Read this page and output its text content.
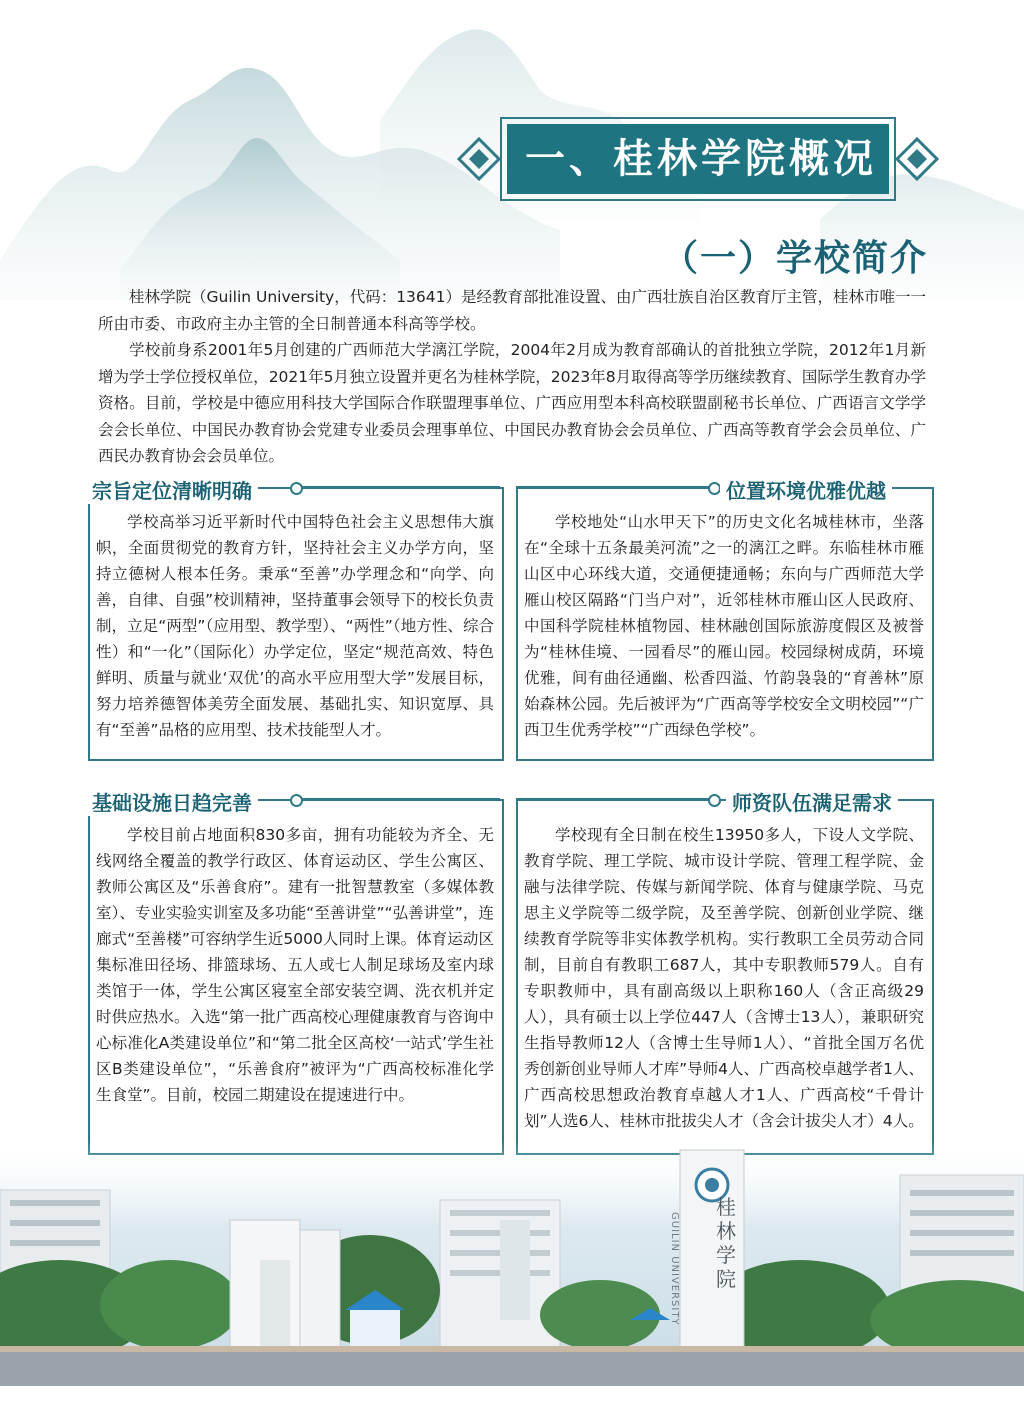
一、桂林学院概况
（一）学校简介

桂林学院（Guilin University，代码：13641）是经教育部批准设置、由广西壮族自治区教育厅主管，桂林市唯一一所由市委、市政府主办主管的全日制普通本科高等学校。

学校前身系2001年5月创建的广西师范大学漓江学院，2004年2月成为教育部确认的首批独立学院，2012年1月新增为学士学位授权单位，2021年5月独立设置并更名为桂林学院，2023年8月取得高等学历继续教育、国际学生教育办学资格。目前，学校是中德应用科技大学国际合作联盟理事单位、广西应用型本科高校联盟副秘书长单位、广西语言文学学会会长单位、中国民办教育协会党建专业委员会理事单位、中国民办教育协会会员单位、广西高等教育学会会员单位、广西民办教育协会会员单位。

宗旨定位清晰明确

学校高举习近平新时代中国特色社会主义思想伟大旗帜，全面贯彻党的教育方针，坚持社会主义办学方向，坚持立德树人根本任务。秉承“至善”办学理念和“向学、向善，自律、自强”校训精神，坚持董事会领导下的校长负责制，立足“两型”（应用型、教学型）、“两性”（地方性、综合性）和“一化”（国际化）办学定位，坚定“规范高效、特色鲜明、质量与就业‘双优’的高水平应用型大学”发展目标，努力培养德智体美劳全面发展、基础扎实、知识宽厚、具有“至善”品格的应用型、技术技能型人才。

位置环境优雅优越

学校地处“山水甲天下”的历史文化名城桂林市，坐落在“全球十五条最美河流”之一的漓江之畔。东临桂林市雁山区中心环线大道，交通便捷通畅；东向与广西师范大学雁山校区隔路“门当户对”，近邻桂林市雁山区人民政府、中国科学院桂林植物园、桂林融创国际旅游度假区及被誉为“桂林佳境、一园看尽”的雁山园。校园绿树成荫，环境优雅，间有曲径通幽、松香四溢、竹韵袅袅的“育善林”原始森林公园。先后被评为“广西高等学校安全文明校园”“广西卫生优秀学校”“广西绿色学校”。

基础设施日趋完善

学校目前占地面积830多亩，拥有功能较为齐全、无线网络全覆盖的教学行政区、体育运动区、学生公寓区、教师公寓区及“乐善食府”。建有一批智慧教室（多媒体教室）、专业实验实训室及多功能“至善讲堂”“弘善讲堂”，连廊式“至善楼”可容纳学生近5000人同时上课。体育运动区集标准田径场、排篮球场、五人或七人制足球场及室内球类馆于一体，学生公寓区寝室全部安装空调、洗衣机并定时供应热水。入选“第一批广西高校心理健康教育与咨询中心标准化A类建设单位”和“第二批全区高校‘一站式’学生社区B类建设单位”，“乐善食府”被评为“广西高校标准化学生食堂”。目前，校园二期建设在提速进行中。

师资队伍满足需求

学校现有全日制在校生13950多人，下设人文学院、教育学院、理工学院、城市设计学院、管理工程学院、金融与法律学院、传媒与新闻学院、体育与健康学院、马克思主义学院等二级学院，及至善学院、创新创业学院、继续教育学院等非实体教学机构。实行教职工全员劳动合同制，目前自有教职工687人，其中专职教师579人。自有专职教师中，具有副高级以上职称160人（含正高级29人），具有硕士以上学位447人（含博士13人），兼职研究生指导教师12人（含博士生导师1人）、“首批全国万名优秀创新创业导师人才库”导师4人、广西高校卓越学者1人、广西高校思想政治教育卓越人才1人、广西高校“千骨计划”人选6人、桂林市批拔尖人才（含会计拔尖人才）4人。

GUILIN UNIVERSITY
桂林学院
